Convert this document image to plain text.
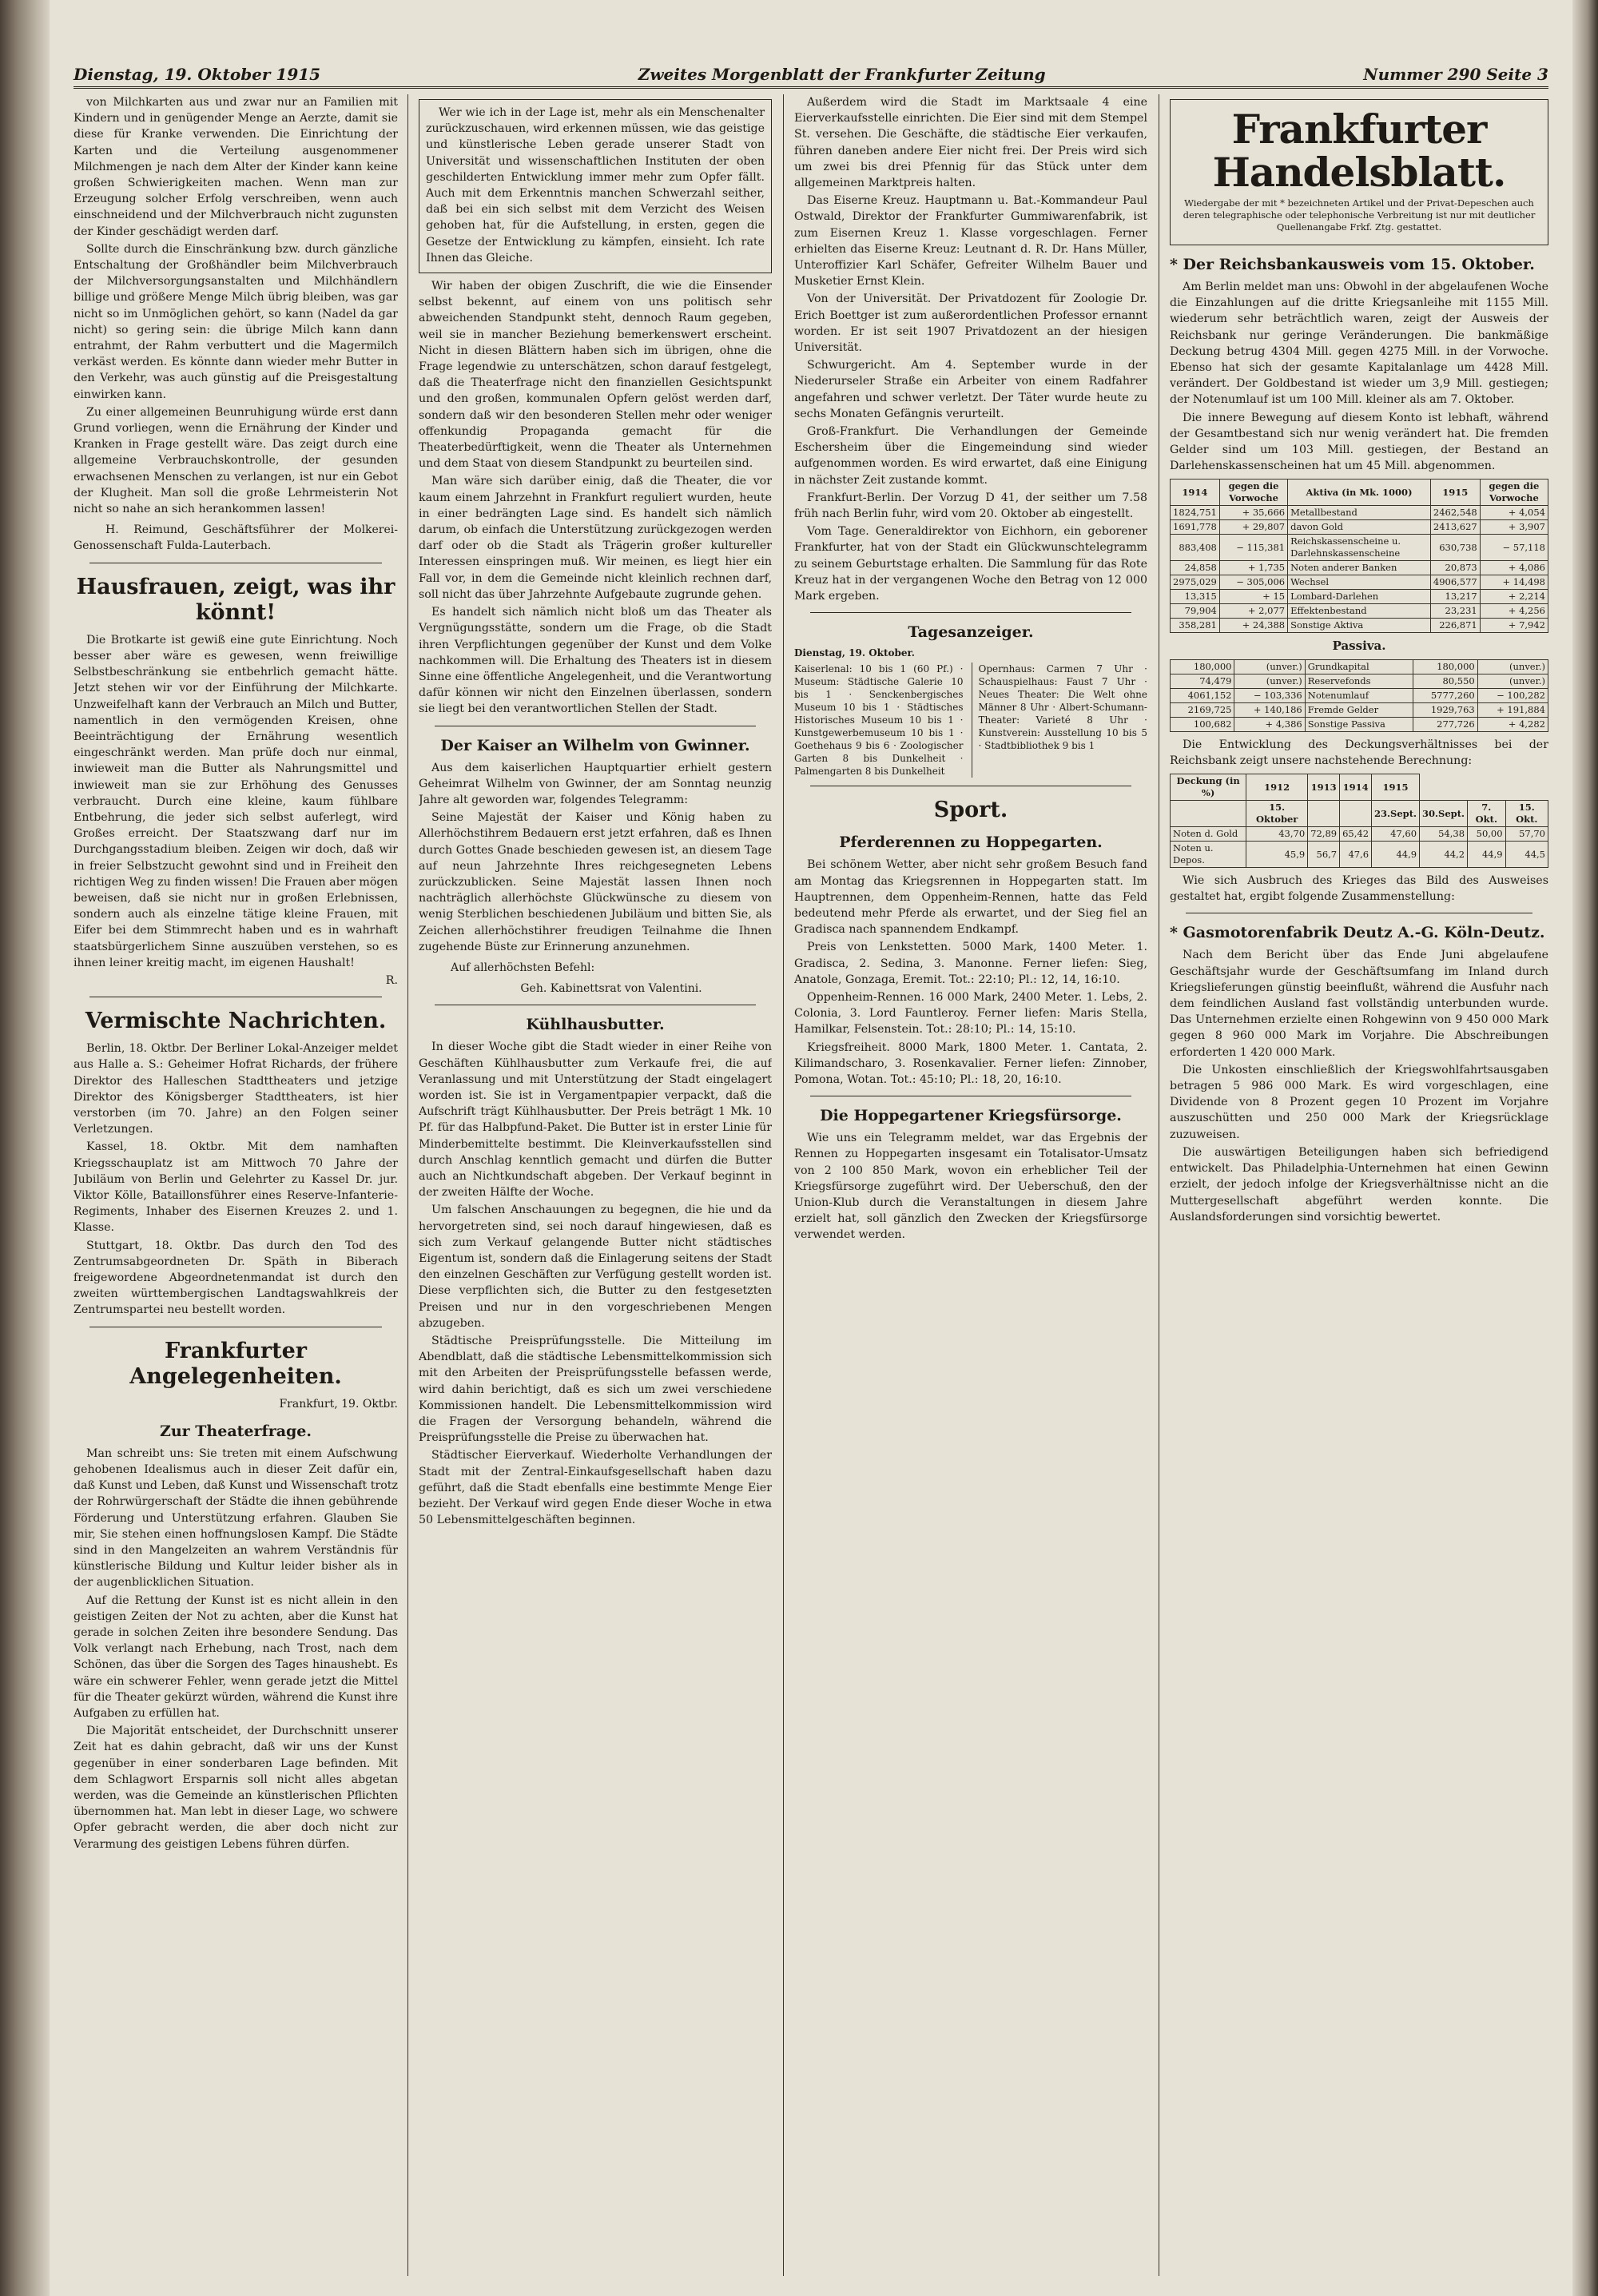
Dienstag, 19. Oktober 1915	Zweites Morgenblatt der Frankfurter Zeitung	Nummer 290 Seite 3

von Milchkarten aus und zwar nur an Familien mit Kindern und in genügender Menge an Aerzte, damit sie diese für Kranke verwenden. Die Einrichtung der Karten und die Verteilung ausgenommener Milchmengen je nach dem Alter der Kinder kann keine großen Schwierigkeiten machen. Wenn man zur Erzeugung solcher Erfolg verschreiben, wenn auch einschneidend und der Milchverbrauch nicht zugunsten der Kinder geschädigt werden darf.

Sollte durch die Einschränkung bzw. durch gänzliche Entschaltung der Großhändler beim Milchverbrauch der Milchversorgungsanstalten und Milchhändlern billige und größere Menge Milch übrig bleiben, was gar nicht so im Unmöglichen gehört, so kann (Nadel da gar nicht) so gering sein: die übrige Milch kann dann entrahmt, der Rahm verbuttert und die Magermilch verkäst werden. Es könnte dann wieder mehr Butter in den Verkehr, was auch günstig auf die Preisgestaltung einwirken kann.

Zu einer allgemeinen Beunruhigung würde erst dann Grund vorliegen, wenn die Ernährung der Kinder und Kranken in Frage gestellt wäre. Das zeigt durch eine allgemeine Verbrauchskontrolle, der gesunden erwachsenen Menschen zu verlangen, ist nur ein Gebot der Klugheit. Man soll die große Lehrmeisterin Not nicht so nahe an sich herankommen lassen!

H. Reimund, Geschäftsführer der Molkerei-Genossenschaft Fulda-Lauterbach.

Hausfrauen, zeigt, was ihr könnt!

Die Brotkarte ist gewiß eine gute Einrichtung. Noch besser aber wäre es gewesen, wenn freiwillige Selbstbeschränkung sie entbehrlich gemacht hätte. Jetzt stehen wir vor der Einführung der Milchkarte. Unzweifelhaft kann der Verbrauch an Milch und Butter, namentlich in den vermögenden Kreisen, ohne Beeinträchtigung der Ernährung wesentlich eingeschränkt werden. Man prüfe doch nur einmal, inwieweit man die Butter als Nahrungsmittel und inwieweit man sie zur Erhöhung des Genusses verbraucht. Durch eine kleine, kaum fühlbare Entbehrung, die jeder sich selbst auferlegt, wird Großes erreicht. Der Staatszwang darf nur im Durchgangsstadium bleiben. Zeigen wir doch, daß wir in freier Selbstzucht gewohnt sind und in Freiheit den richtigen Weg zu finden wissen! Die Frauen aber mögen beweisen, daß sie nicht nur in großen Erlebnissen, sondern auch als einzelne tätige kleine Frauen, mit Eifer bei dem Stimmrecht haben und es in wahrhaft staatsbürgerlichem Sinne auszuüben verstehen, so es ihnen leiner kreitig macht, im eigenen Haushalt!

R.

Vermischte Nachrichten.

Berlin, 18. Oktbr. Der Berliner Lokal-Anzeiger meldet aus Halle a. S.: Geheimer Hofrat Richards, der frühere Direktor des Halleschen Stadttheaters und jetzige Direktor des Königsberger Stadttheaters, ist hier verstorben (im 70. Jahre) an den Folgen seiner Verletzungen.

Kassel, 18. Oktbr. Mit dem namhaften Kriegsschauplatz ist am Mittwoch 70 Jahre der Jubiläum von Berlin und Gelehrter zu Kassel Dr. jur. Viktor Kölle, Bataillonsführer eines Reserve-Infanterie-Regiments, Inhaber des Eisernen Kreuzes 2. und 1. Klasse.

Stuttgart, 18. Oktbr. Das durch den Tod des Zentrumsabgeordneten Dr. Späth in Biberach freigewordene Abgeordnetenmandat ist durch den zweiten württembergischen Landtagswahlkreis der Zentrumspartei neu bestellt worden.

Frankfurter Angelegenheiten.
Frankfurt, 19. Oktbr.
Zur Theaterfrage.

Man schreibt uns: Sie treten mit einem Aufschwung gehobenen Idealismus auch in dieser Zeit dafür ein, daß Kunst und Leben, daß Kunst und Wissenschaft trotz der Rohrwürgerschaft der Städte die ihnen gebührende Förderung und Unterstützung erfahren. Glauben Sie mir, Sie stehen einen hoffnungslosen Kampf. Die Städte sind in den Mangelzeiten an wahrem Verständnis für künstlerische Bildung und Kultur leider bisher als in der augenblicklichen Situation.

Auf die Rettung der Kunst ist es nicht allein in den geistigen Zeiten der Not zu achten, aber die Kunst hat gerade in solchen Zeiten ihre besondere Sendung. Das Volk verlangt nach Erhebung, nach Trost, nach dem Schönen, das über die Sorgen des Tages hinaushebt. Es wäre ein schwerer Fehler, wenn gerade jetzt die Mittel für die Theater gekürzt würden, während die Kunst ihre Aufgaben zu erfüllen hat.

Die Majorität entscheidet, der Durchschnitt unserer Zeit hat es dahin gebracht, daß wir uns der Kunst gegenüber in einer sonderbaren Lage befinden. Mit dem Schlagwort Ersparnis soll nicht alles abgetan werden, was die Gemeinde an künstlerischen Pflichten übernommen hat. Man lebt in dieser Lage, wo schwere Opfer gebracht werden, die aber doch nicht zur Verarmung des geistigen Lebens führen dürfen.

Wer wie ich in der Lage ist, mehr als ein Menschenalter zurückzuschauen, wird erkennen müssen, wie das geistige und künstlerische Leben gerade unserer Stadt von Universität und wissenschaftlichen Instituten der oben geschilderten Entwicklung immer mehr zum Opfer fällt. Auch mit dem Erkenntnis manchen Schwerzahl seither, daß bei ein sich selbst mit dem Verzicht des Weisen gehoben hat, für die Aufstellung, in ersten, gegen die Gesetze der Entwicklung zu kämpfen, einsieht. Ich rate Ihnen das Gleiche.

Wir haben der obigen Zuschrift, die wie die Einsender selbst bekennt, auf einem von uns politisch sehr abweichenden Standpunkt steht, dennoch Raum gegeben, weil sie in mancher Beziehung bemerkenswert erscheint. Nicht in diesen Blättern haben sich im übrigen, ohne die Frage legendwie zu unterschätzen, schon darauf festgelegt, daß die Theaterfrage nicht den finanziellen Gesichtspunkt und den großen, kommunalen Opfern gelöst werden darf, sondern daß wir den besonderen Stellen mehr oder weniger offenkundig Propaganda gemacht für die Theaterbedürftigkeit, wenn die Theater als Unternehmen und dem Staat von diesem Standpunkt zu beurteilen sind.

Man wäre sich darüber einig, daß die Theater, die vor kaum einem Jahrzehnt in Frankfurt reguliert wurden, heute in einer bedrängten Lage sind. Es handelt sich nämlich darum, ob einfach die Unterstützung zurückgezogen werden darf oder ob die Stadt als Trägerin großer kultureller Interessen einspringen muß. Wir meinen, es liegt hier ein Fall vor, in dem die Gemeinde nicht kleinlich rechnen darf, soll nicht das über Jahrzehnte Aufgebaute zugrunde gehen.

Es handelt sich nämlich nicht bloß um das Theater als Vergnügungsstätte, sondern um die Frage, ob die Stadt ihren Verpflichtungen gegenüber der Kunst und dem Volke nachkommen will. Die Erhaltung des Theaters ist in diesem Sinne eine öffentliche Angelegenheit, und die Verantwortung dafür können wir nicht den Einzelnen überlassen, sondern sie liegt bei den verantwortlichen Stellen der Stadt.

Der Kaiser an Wilhelm von Gwinner.

Aus dem kaiserlichen Hauptquartier erhielt gestern Geheimrat Wilhelm von Gwinner, der am Sonntag neunzig Jahre alt geworden war, folgendes Telegramm:

Seine Majestät der Kaiser und König haben zu Allerhöchstihrem Bedauern erst jetzt erfahren, daß es Ihnen durch Gottes Gnade beschieden gewesen ist, an diesem Tage auf neun Jahrzehnte Ihres reichgesegneten Lebens zurückzublicken. Seine Majestät lassen Ihnen noch nachträglich allerhöchste Glückwünsche zu diesem von wenig Sterblichen beschiedenen Jubiläum und bitten Sie, als Zeichen allerhöchstihrer freudigen Teilnahme die Ihnen zugehende Büste zur Erinnerung anzunehmen.

Auf allerhöchsten Befehl:

Geh. Kabinettsrat von Valentini.

Kühlhausbutter.

In dieser Woche gibt die Stadt wieder in einer Reihe von Geschäften Kühlhausbutter zum Verkaufe frei, die auf Veranlassung und mit Unterstützung der Stadt eingelagert worden ist. Sie ist in Vergamentpapier verpackt, daß die Aufschrift trägt Kühlhausbutter. Der Preis beträgt 1 Mk. 10 Pf. für das Halbpfund-Paket. Die Butter ist in erster Linie für Minderbemittelte bestimmt. Die Kleinverkaufsstellen sind durch Anschlag kenntlich gemacht und dürfen die Butter auch an Nichtkundschaft abgeben. Der Verkauf beginnt in der zweiten Hälfte der Woche.

Um falschen Anschauungen zu begegnen, die hie und da hervorgetreten sind, sei noch darauf hingewiesen, daß es sich zum Verkauf gelangende Butter nicht städtisches Eigentum ist, sondern daß die Einlagerung seitens der Stadt den einzelnen Geschäften zur Verfügung gestellt worden ist. Diese verpflichten sich, die Butter zu den festgesetzten Preisen und nur in den vorgeschriebenen Mengen abzugeben.

Städtische Preisprüfungsstelle. Die Mitteilung im Abendblatt, daß die städtische Lebensmittelkommission sich mit den Arbeiten der Preisprüfungsstelle befassen werde, wird dahin berichtigt, daß es sich um zwei verschiedene Kommissionen handelt. Die Lebensmittelkommission wird die Fragen der Versorgung behandeln, während die Preisprüfungsstelle die Preise zu überwachen hat.

Städtischer Eierverkauf. Wiederholte Verhandlungen der Stadt mit der Zentral-Einkaufsgesellschaft haben dazu geführt, daß die Stadt ebenfalls eine bestimmte Menge Eier bezieht. Der Verkauf wird gegen Ende dieser Woche in etwa 50 Lebensmittelgeschäften beginnen.

Außerdem wird die Stadt im Marktsaale 4 eine Eierverkaufsstelle einrichten. Die Eier sind mit dem Stempel St. versehen. Die Geschäfte, die städtische Eier verkaufen, führen daneben andere Eier nicht frei. Der Preis wird sich um zwei bis drei Pfennig für das Stück unter dem allgemeinen Marktpreis halten.

Das Eiserne Kreuz. Hauptmann u. Bat.-Kommandeur Paul Ostwald, Direktor der Frankfurter Gummiwarenfabrik, ist zum Eisernen Kreuz 1. Klasse vorgeschlagen. Ferner erhielten das Eiserne Kreuz: Leutnant d. R. Dr. Hans Müller, Unteroffizier Karl Schäfer, Gefreiter Wilhelm Bauer und Musketier Ernst Klein.

Von der Universität. Der Privatdozent für Zoologie Dr. Erich Boettger ist zum außerordentlichen Professor ernannt worden. Er ist seit 1907 Privatdozent an der hiesigen Universität.

Schwurgericht. Am 4. September wurde in der Niederurseler Straße ein Arbeiter von einem Radfahrer angefahren und schwer verletzt. Der Täter wurde heute zu sechs Monaten Gefängnis verurteilt.

Groß-Frankfurt. Die Verhandlungen der Gemeinde Eschersheim über die Eingemeindung sind wieder aufgenommen worden. Es wird erwartet, daß eine Einigung in nächster Zeit zustande kommt.

Frankfurt-Berlin. Der Vorzug D 41, der seither um 7.58 früh nach Berlin fuhr, wird vom 20. Oktober ab eingestellt.

Vom Tage. Generaldirektor von Eichhorn, ein geborener Frankfurter, hat von der Stadt ein Glückwunschtelegramm zu seinem Geburtstage erhalten. Die Sammlung für das Rote Kreuz hat in der vergangenen Woche den Betrag von 12 000 Mark ergeben.

Tagesanzeiger.
Dienstag, 19. Oktober.
Kaiserlenal: 10 bis 1 (60 Pf.) · Museum: Städtische Galerie 10 bis 1 · Senckenbergisches Museum 10 bis 1 · Städtisches Historisches Museum 10 bis 1 · Kunstgewerbemuseum 10 bis 1 · Goethehaus 9 bis 6 · Zoologischer Garten 8 bis Dunkelheit · Palmengarten 8 bis Dunkelheit
Opernhaus: Carmen 7 Uhr · Schauspielhaus: Faust 7 Uhr · Neues Theater: Die Welt ohne Männer 8 Uhr · Albert-Schumann-Theater: Varieté 8 Uhr · Kunstverein: Ausstellung 10 bis 5 · Stadtbibliothek 9 bis 1
Sport.
Pferderennen zu Hoppegarten.

Bei schönem Wetter, aber nicht sehr großem Besuch fand am Montag das Kriegsrennen in Hoppegarten statt. Im Hauptrennen, dem Oppenheim-Rennen, hatte das Feld bedeutend mehr Pferde als erwartet, und der Sieg fiel an Gradisca nach spannendem Endkampf.

Preis von Lenkstetten. 5000 Mark, 1400 Meter. 1. Gradisca, 2. Sedina, 3. Manonne. Ferner liefen: Sieg, Anatole, Gonzaga, Eremit. Tot.: 22:10; Pl.: 12, 14, 16:10.

Oppenheim-Rennen. 16 000 Mark, 2400 Meter. 1. Lebs, 2. Colonia, 3. Lord Fauntleroy. Ferner liefen: Maris Stella, Hamilkar, Felsenstein. Tot.: 28:10; Pl.: 14, 15:10.

Kriegsfreiheit. 8000 Mark, 1800 Meter. 1. Cantata, 2. Kilimandscharo, 3. Rosenkavalier. Ferner liefen: Zinnober, Pomona, Wotan. Tot.: 45:10; Pl.: 18, 20, 16:10.

Die Hoppegartener Kriegsfürsorge.

Wie uns ein Telegramm meldet, war das Ergebnis der Rennen zu Hoppegarten insgesamt ein Totalisator-Umsatz von 2 100 850 Mark, wovon ein erheblicher Teil der Kriegsfürsorge zugeführt wird. Der Ueberschuß, den der Union-Klub durch die Veranstaltungen in diesem Jahre erzielt hat, soll gänzlich den Zwecken der Kriegsfürsorge verwendet werden.

Frankfurter Handelsblatt.
Wiedergabe der mit * bezeichneten Artikel und der Privat-Depeschen auch deren telegraphische oder telephonische Verbreitung ist nur mit deutlicher Quellenangabe Frkf. Ztg. gestattet.
* Der Reichsbankausweis vom 15. Oktober.

Am Berlin meldet man uns: Obwohl in der abgelaufenen Woche die Einzahlungen auf die dritte Kriegsanleihe mit 1155 Mill. wiederum sehr beträchtlich waren, zeigt der Ausweis der Reichsbank nur geringe Veränderungen. Die bankmäßige Deckung betrug 4304 Mill. gegen 4275 Mill. in der Vorwoche. Ebenso hat sich der gesamte Kapitalanlage um 4428 Mill. verändert. Der Goldbestand ist wieder um 3,9 Mill. gestiegen; der Notenumlauf ist um 100 Mill. kleiner als am 7. Oktober.

Die innere Bewegung auf diesem Konto ist lebhaft, während der Gesamtbestand sich nur wenig verändert hat. Die fremden Gelder sind um 103 Mill. gestiegen, der Bestand an Darlehenskassenscheinen hat um 45 Mill. abgenommen.

1914	gegen die Vorwoche	Aktiva (in Mk. 1000)	1915	gegen die Vorwoche
1824,751	+ 35,666	Metallbestand	2462,548	+ 4,054
1691,778	+ 29,807	davon Gold	2413,627	+ 3,907
883,408	− 115,381	Reichskassenscheine u. Darlehnskassenscheine	630,738	− 57,118
24,858	+ 1,735	Noten anderer Banken	20,873	+ 4,086
2975,029	− 305,006	Wechsel	4906,577	+ 14,498
13,315	+ 15	Lombard-Darlehen	13,217	+ 2,214
79,904	+ 2,077	Effektenbestand	23,231	+ 4,256
358,281	+ 24,388	Sonstige Aktiva	226,871	+ 7,942
Passiva.
180,000	(unver.)	Grundkapital	180,000	(unver.)
74,479	(unver.)	Reservefonds	80,550	(unver.)
4061,152	− 103,336	Notenumlauf	5777,260	− 100,282
2169,725	+ 140,186	Fremde Gelder	1929,763	+ 191,884
100,682	+ 4,386	Sonstige Passiva	277,726	+ 4,282

Die Entwicklung des Deckungsverhältnisses bei der Reichsbank zeigt unsere nachstehende Berechnung:

Deckung (in %)	1912	1913	1914	1915			
	15. Oktober			23.Sept.	30.Sept.	7. Okt.	15. Okt.
Noten d. Gold	43,70	72,89	65,42	47,60	54,38	50,00	57,70
Noten u. Depos.	45,9	56,7	47,6	44,9	44,2	44,9	44,5

Wie sich Ausbruch des Krieges das Bild des Ausweises gestaltet hat, ergibt folgende Zusammenstellung:

* Gasmotorenfabrik Deutz A.-G. Köln-Deutz.

Nach dem Bericht über das Ende Juni abgelaufene Geschäftsjahr wurde der Geschäftsumfang im Inland durch Kriegslieferungen günstig beeinflußt, während die Ausfuhr nach dem feindlichen Ausland fast vollständig unterbunden wurde. Das Unternehmen erzielte einen Rohgewinn von 9 450 000 Mark gegen 8 960 000 Mark im Vorjahre. Die Abschreibungen erforderten 1 420 000 Mark.

Die Unkosten einschließlich der Kriegswohlfahrtsausgaben betragen 5 986 000 Mark. Es wird vorgeschlagen, eine Dividende von 8 Prozent gegen 10 Prozent im Vorjahre auszuschütten und 250 000 Mark der Kriegsrücklage zuzuweisen.

Die auswärtigen Beteiligungen haben sich befriedigend entwickelt. Das Philadelphia-Unternehmen hat einen Gewinn erzielt, der jedoch infolge der Kriegsverhältnisse nicht an die Muttergesellschaft abgeführt werden konnte. Die Auslandsforderungen sind vorsichtig bewertet.
